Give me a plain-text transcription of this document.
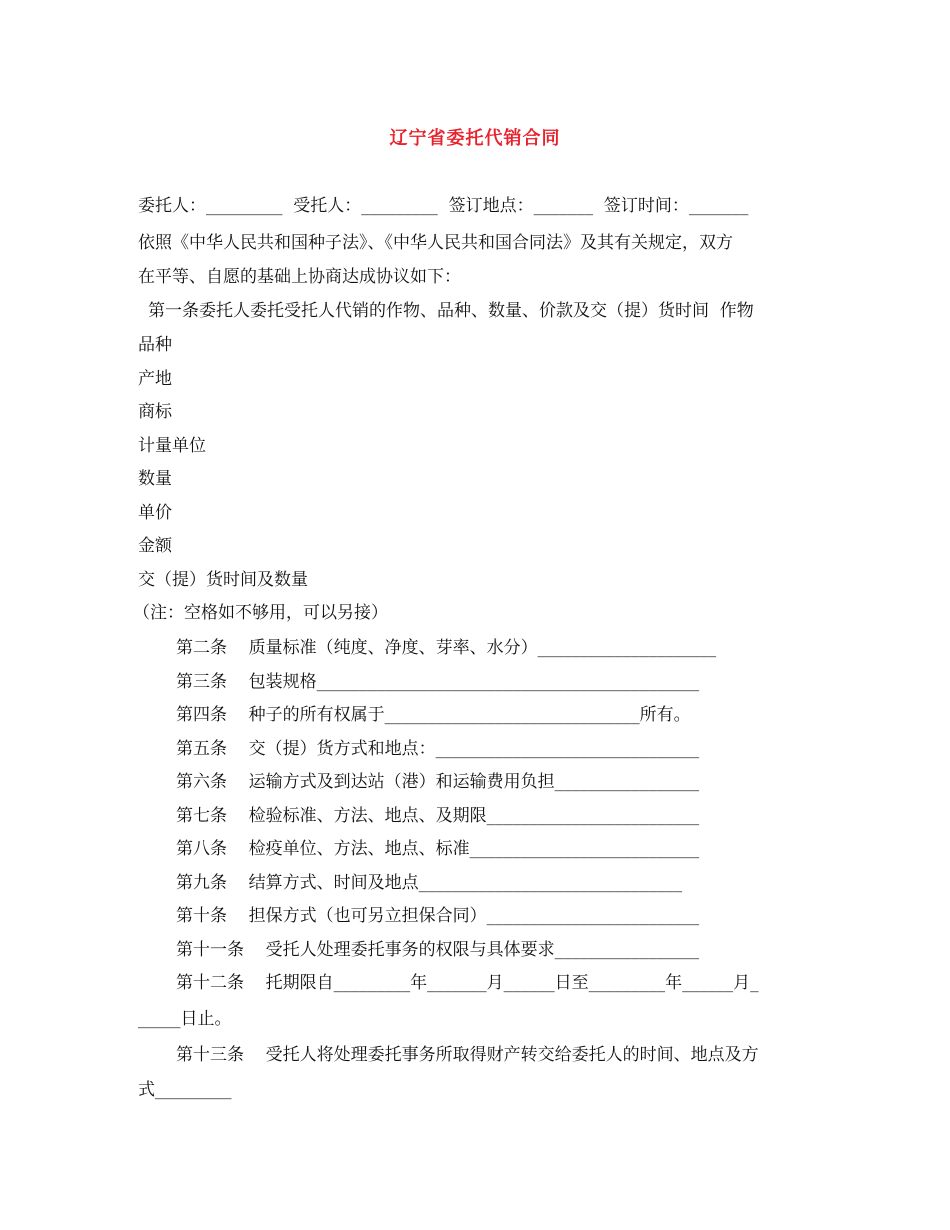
辽宁省委托代销合同
委托人：_________  受托人：_________  签订地点：_______  签订时间：_______
依照《中华人民共和国种子法》、《中华人民共和国合同法》及其有关规定，双方
在平等、自愿的基础上协商达成协议如下：
第一条委托人委托受托人代销的作物、品种、数量、价款及交（提）货时间  作物
品种
产地
商标
计量单位
数量
单价
金额
交（提）货时间及数量
（注：空格如不够用，可以另接）
第二条    质量标准（纯度、净度、芽率、水分）_____________________
第三条    包装规格_____________________________________________
第四条    种子的所有权属于______________________________所有。
第五条    交（提）货方式和地点：_______________________________
第六条    运输方式及到达站（港）和运输费用负担_________________
第七条    检验标准、方法、地点、及期限_________________________
第八条    检疫单位、方法、地点、标准___________________________
第九条    结算方式、时间及地点_______________________________
第十条    担保方式（也可另立担保合同）_________________________
第十一条    受托人处理委托事务的权限与具体要求_________________
第十二条    托期限自_________年_______月______日至_________年______月_
_____日止。
第十三条    受托人将处理委托事务所取得财产转交给委托人的时间、地点及方
式_________
